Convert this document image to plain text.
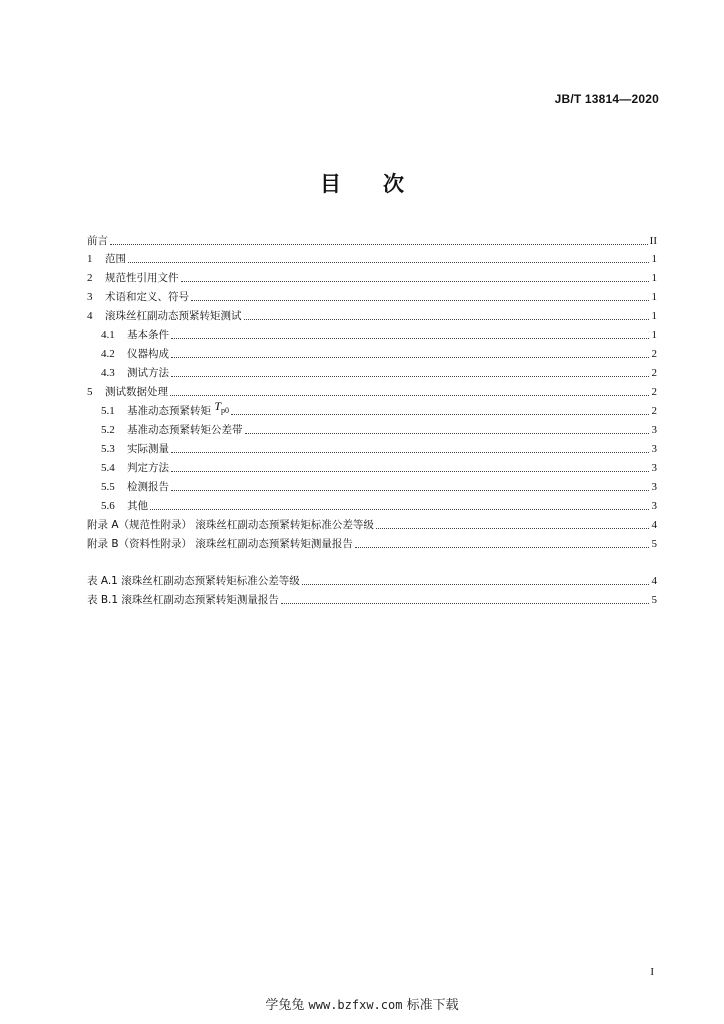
JB/T 13814—2020
目 次
前言	II
1	范围	1
2	规范性引用文件	1
3	术语和定义、符号	1
4	滚珠丝杠副动态预紧转矩测试	1
4.1	基本条件	1
4.2	仪器构成	2
4.3	测试方法	2
5	测试数据处理	2
5.1	基准动态预紧转矩 $T_{p0}$	2
5.2	基准动态预紧转矩公差带	3
5.3	实际测量	3
5.4	判定方法	3
5.5	检测报告	3
5.6	其他	3
附录 A（规范性附录） 滚珠丝杠副动态预紧转矩标准公差等级	4
附录 B（资料性附录） 滚珠丝杠副动态预紧转矩测量报告	5
表 A.1 滚珠丝杠副动态预紧转矩标准公差等级	4
表 B.1 滚珠丝杠副动态预紧转矩测量报告	5
I
学兔兔 www.bzfxw.com 标准下载
